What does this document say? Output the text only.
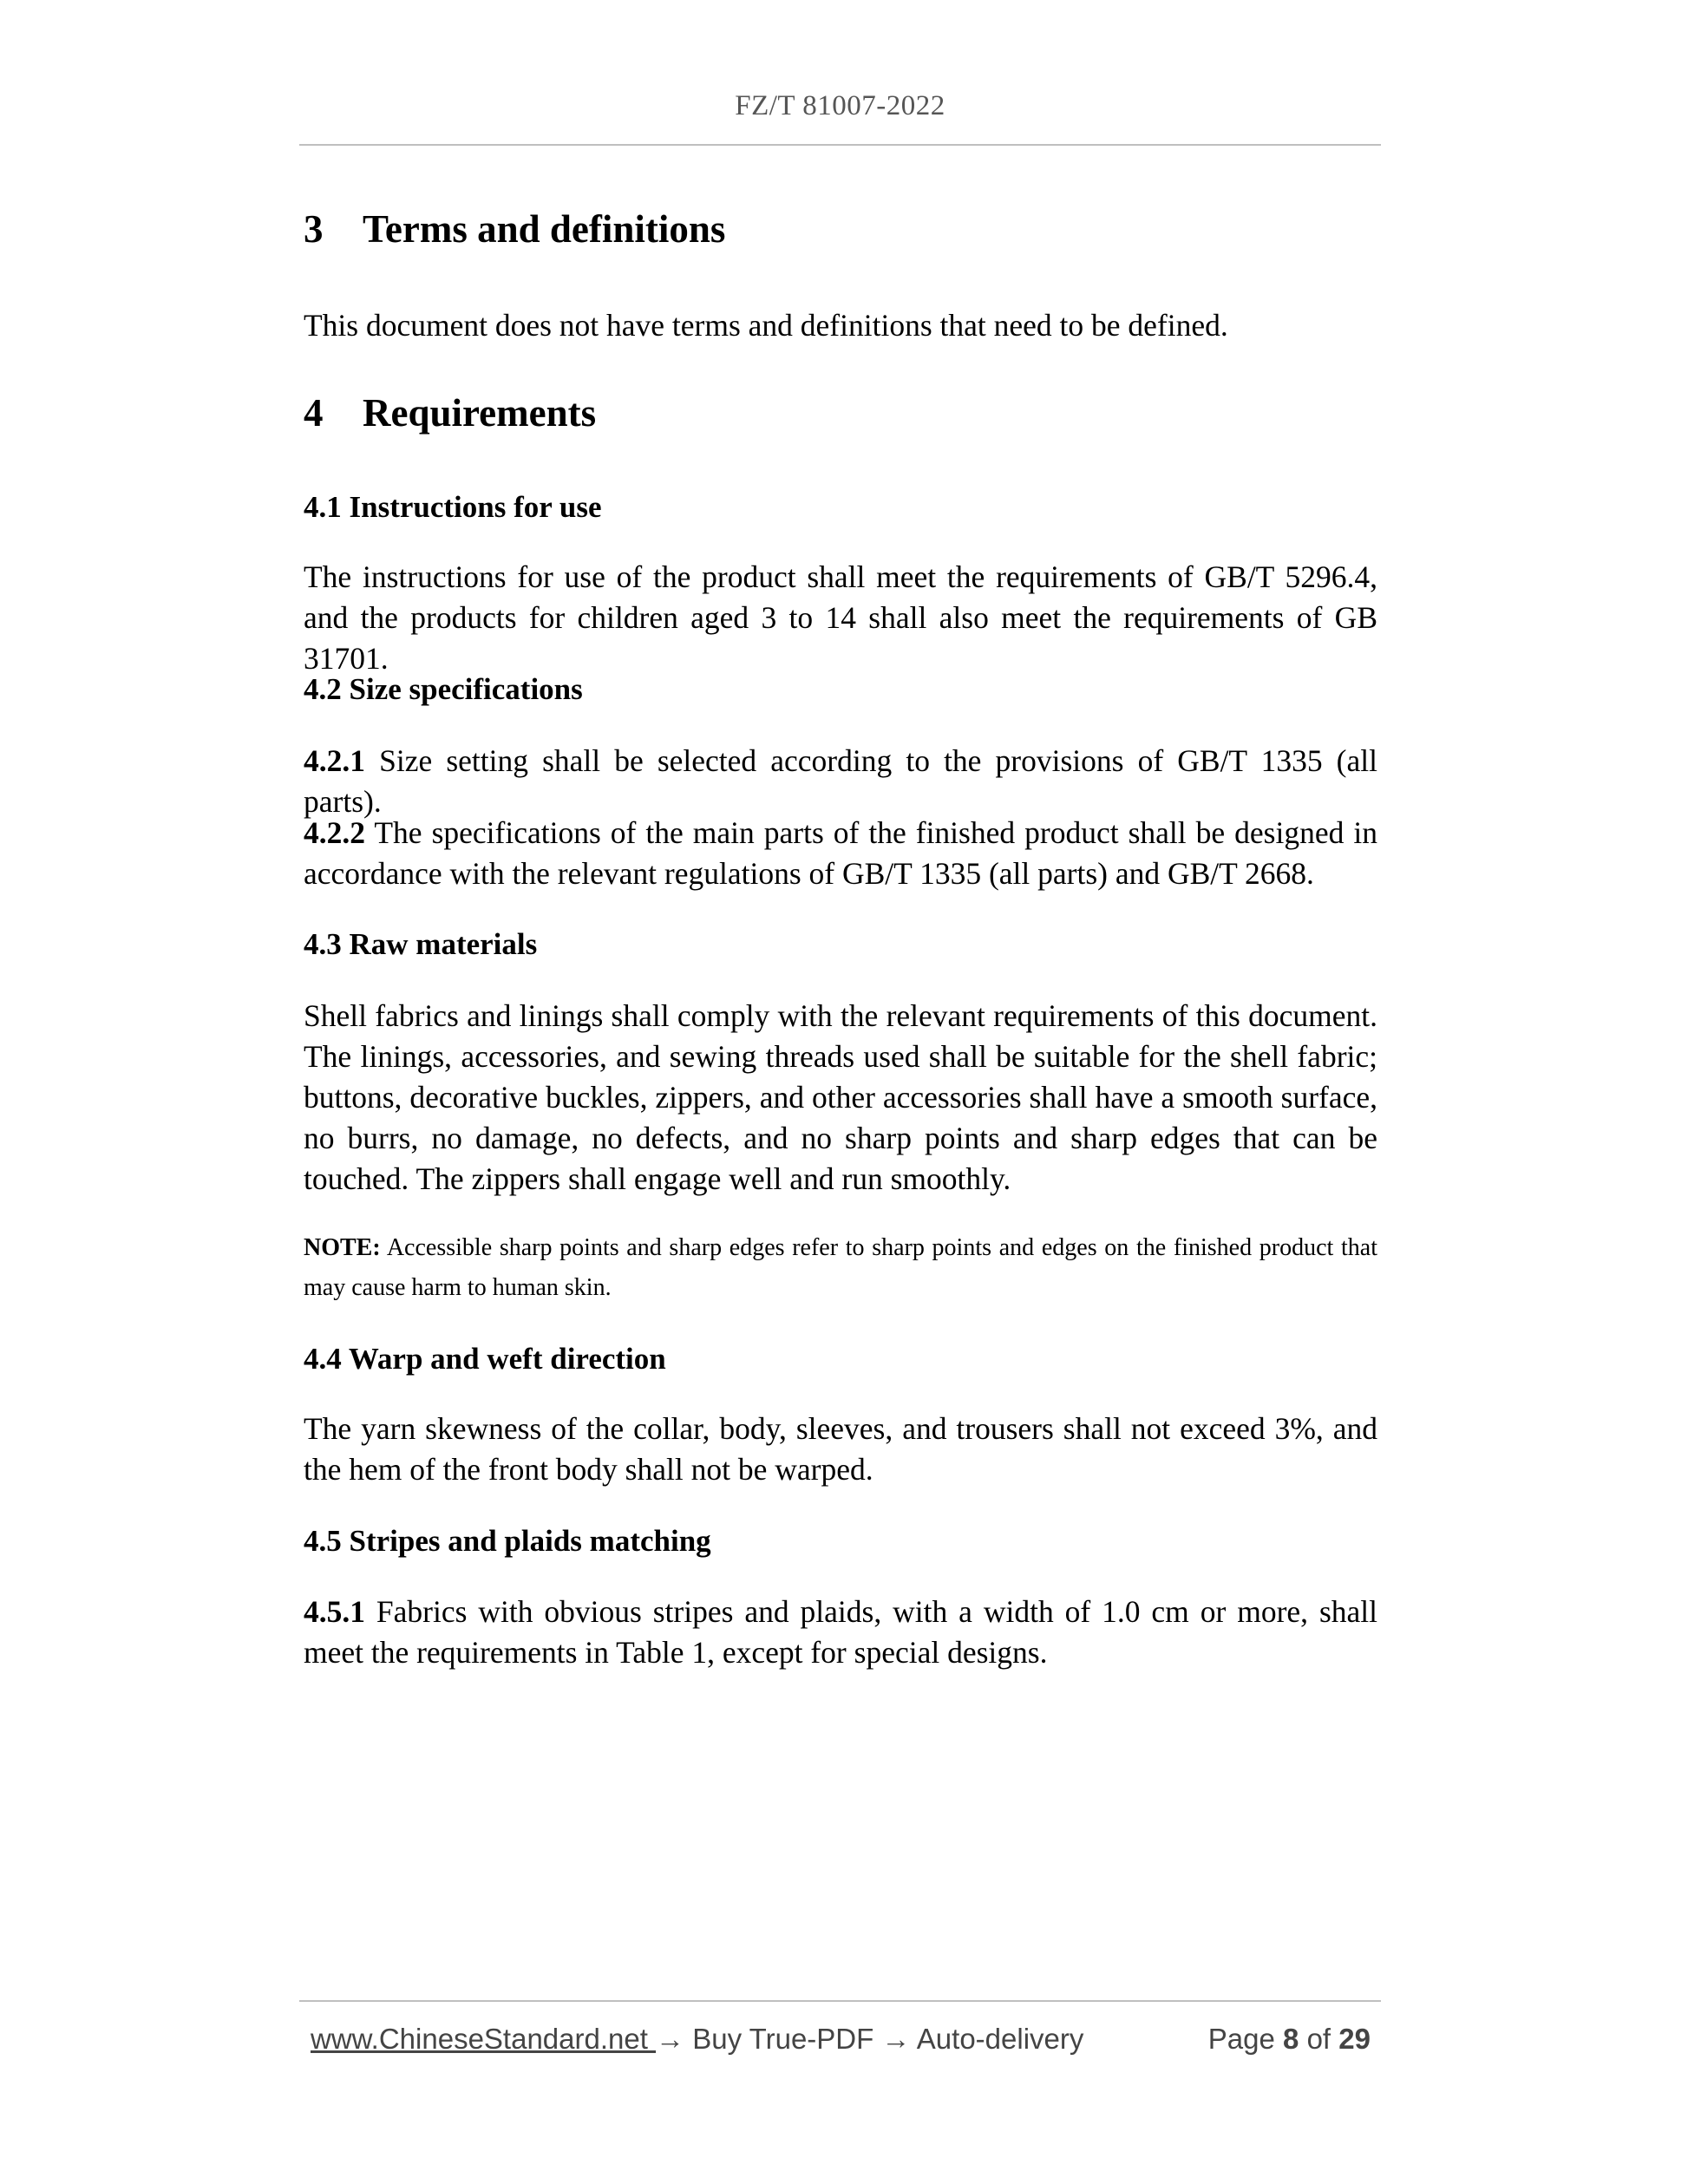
FZ/T 81007-2022
3 Terms and definitions

This document does not have terms and definitions that need to be defined.

4 Requirements
4.1 Instructions for use

The instructions for use of the product shall meet the requirements of GB/T 5296.4, and the products for children aged 3 to 14 shall also meet the requirements of GB 31701.

4.2 Size specifications

4.2.1 Size setting shall be selected according to the provisions of GB/T 1335 (all parts).

4.2.2 The specifications of the main parts of the finished product shall be designed in accordance with the relevant regulations of GB/T 1335 (all parts) and GB/T 2668.

4.3 Raw materials

Shell fabrics and linings shall comply with the relevant requirements of this document. The linings, accessories, and sewing threads used shall be suitable for the shell fabric; buttons, decorative buckles, zippers, and other accessories shall have a smooth surface, no burrs, no damage, no defects, and no sharp points and sharp edges that can be touched. The zippers shall engage well and run smoothly.

NOTE: Accessible sharp points and sharp edges refer to sharp points and edges on the finished product that may cause harm to human skin.

4.4 Warp and weft direction

The yarn skewness of the collar, body, sleeves, and trousers shall not exceed 3%, and the hem of the front body shall not be warped.

4.5 Stripes and plaids matching

4.5.1 Fabrics with obvious stripes and plaids, with a width of 1.0 cm or more, shall meet the requirements in Table 1, except for special designs.

www.ChineseStandard.net → Buy True-PDF → Auto-delivery	Page 8 of 29
